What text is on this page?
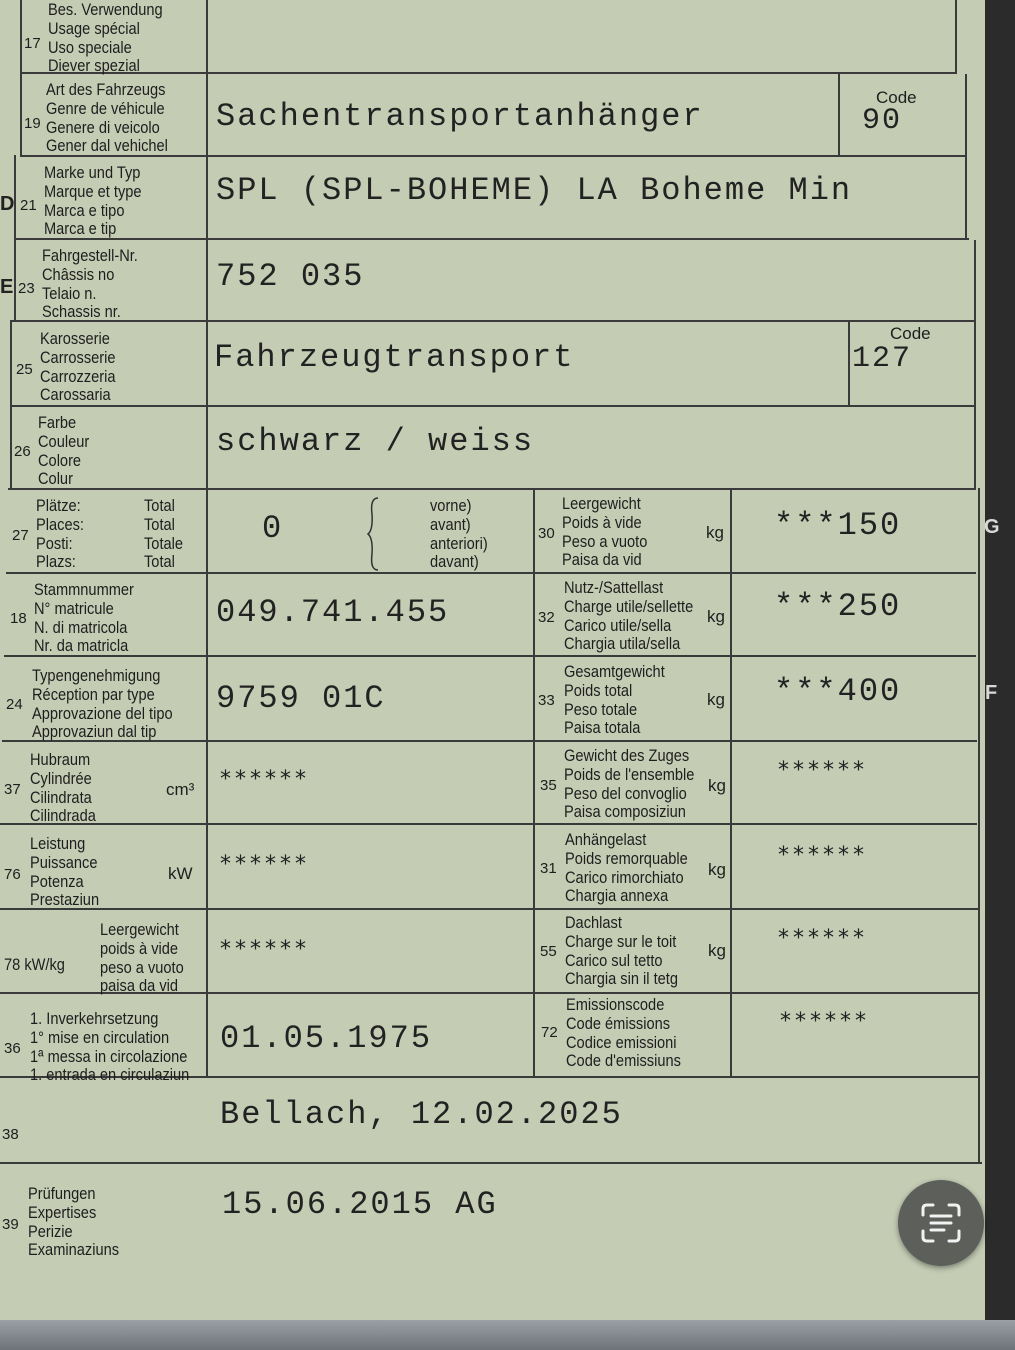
17
Bes. Verwendung
Usage spécial
Uso speciale
Diever spezial
19
Art des Fahrzeugs
Genre de véhicule
Genere di veicolo
Gener dal vehichel
Sachentransportanhänger
Code
90
D 21
Marke und Typ
Marque et type
Marca e tipo
Marca e tip
SPL (SPL-BOHEME) LA Boheme Min
E 23
Fahrgestell-Nr.
Châssis no
Telaio n.
Schassis nr.
752 035
25
Karosserie
Carrosserie
Carrozzeria
Carossaria
Fahrzeugtransport
Code
127
26
Farbe
Couleur
Colore
Colur
schwarz / weiss
27
Plätze:
Places:
Posti:
Plazs:
Total
Total
Totale
Total
0
vorne)
avant)
anteriori)
davant)
18
Stammnummer
N° matricule
N. di matricola
Nr. da matricla
049.741.455
24
Typengenehmigung
Réception par type
Approvazione del tipo
Approvaziun dal tip
9759 01C
37
Hubraum
Cylindrée
Cilindrata
Cilindrada
cm³ ******
76
Leistung
Puissance
Potenza
Prestaziun
kW ******
78 kW/kg
Leergewicht
poids à vide
peso a vuoto
paisa da vid
******
36
1. Inverkehrsetzung
1° mise en circulation
1ª messa in circolazione
1. entrada en circulaziun
01.05.1975
30
Leergewicht
Poids à vide
Peso a vuoto
Paisa da vid
kg ***150
32
Nutz-/Sattellast
Charge utile/sellette
Carico utile/sella
Chargia utila/sella
kg ***250
33
Gesamtgewicht
Poids total
Peso totale
Paisa totala
kg ***400
35
Gewicht des Zuges
Poids de l'ensemble
Peso del convoglio
Paisa composiziun
kg
******
31
Anhängelast
Poids remorquable
Carico rimorchiato
Chargia annexa
kg
******
55
Dachlast
Charge sur le toit
Carico sul tetto
Chargia sin il tetg
kg ******
72
Emissionscode
Code émissions
Codice emissioni
Code d'emissiuns
******
38
Bellach, 12.02.2025
39
Prüfungen
Expertises
Perizie
Examinaziuns
15.06.2015 AG
G
F
